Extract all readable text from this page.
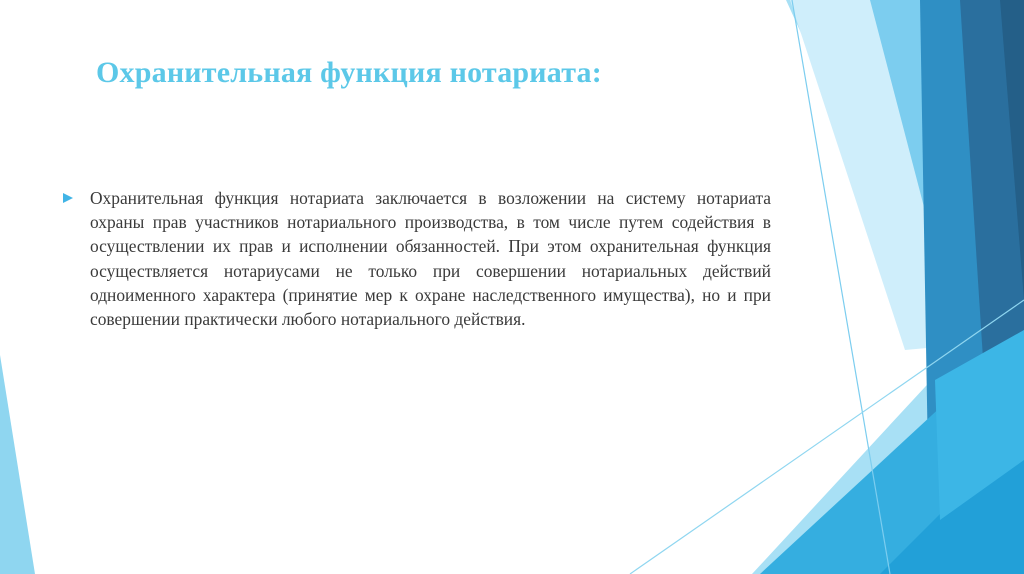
Охранительная функция нотариата:

Охранительная функция нотариата заключается в возложении на систему нотариата охраны прав участников нотариального производства, в том числе путем содействия в осуществлении их прав и исполнении обязанностей. При этом охранительная функция осуществляется нотариусами не только при совершении нотариальных действий одноименного характера (принятие мер к охране наследственного имущества), но и при совершении практически любого нотариального действия.
